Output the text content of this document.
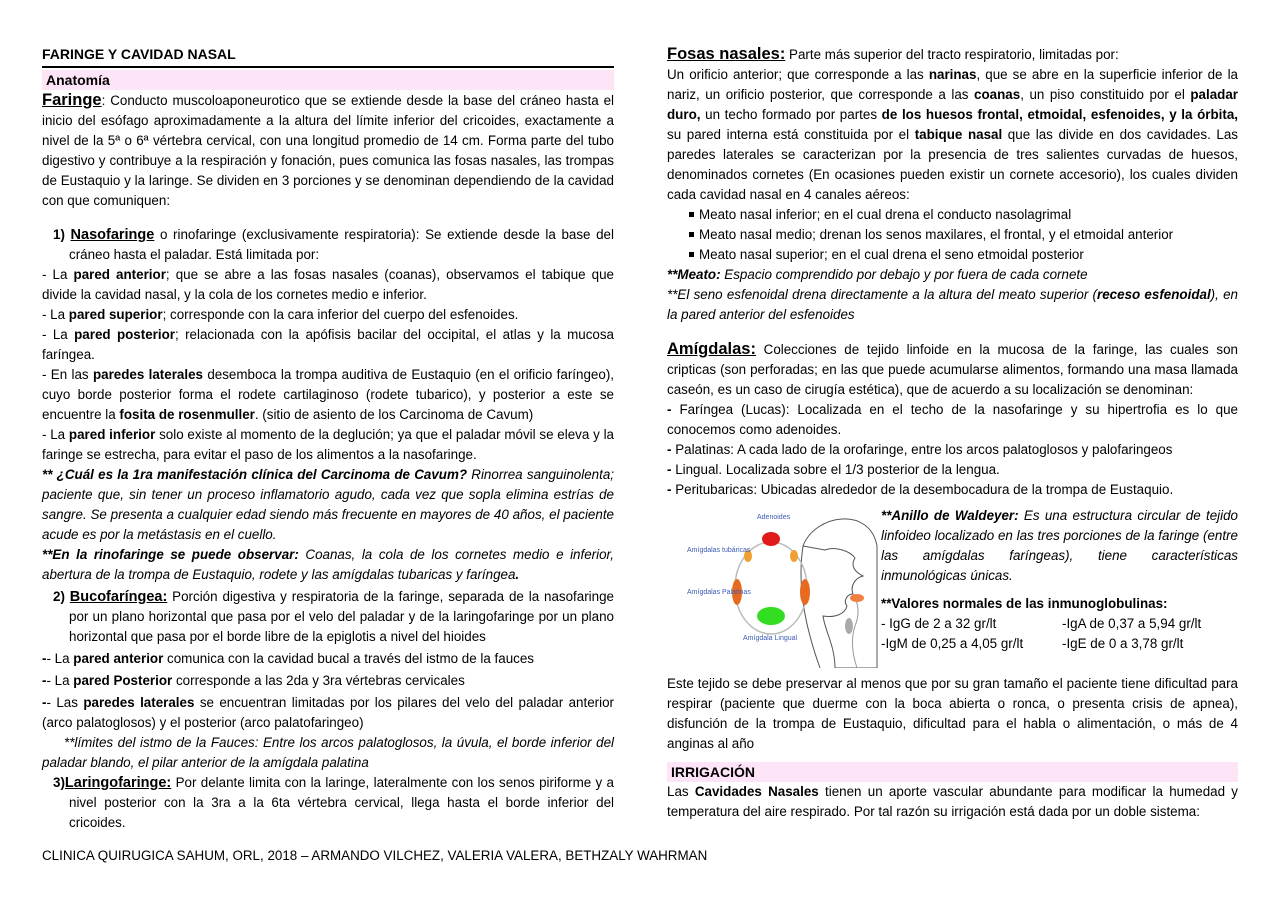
FARINGE Y CAVIDAD NASAL
Anatomía

Faringe: Conducto muscoloaponeurotico que se extiende desde la base del cráneo hasta el inicio del esófago aproximadamente a la altura del límite inferior del cricoides, exactamente a nivel de la 5ª o 6ª vértebra cervical, con una longitud promedio de 14 cm. Forma parte del tubo digestivo y contribuye a la respiración y fonación, pues comunica las fosas nasales, las trompas de Eustaquio y la laringe. Se dividen en 3 porciones y se denominan dependiendo de la cavidad con que comuniquen:

1) Nasofaringe o rinofaringe (exclusivamente respiratoria): Se extiende desde la base del cráneo hasta el paladar. Está limitada por:

- La pared anterior; que se abre a las fosas nasales (coanas), observamos el tabique que divide la cavidad nasal, y la cola de los cornetes medio e inferior.

- La pared superior; corresponde con la cara inferior del cuerpo del esfenoides.

- La pared posterior; relacionada con la apófisis bacilar del occipital, el atlas y la mucosa faríngea.

- En las paredes laterales desemboca la trompa auditiva de Eustaquio (en el orificio faríngeo), cuyo borde posterior forma el rodete cartilaginoso (rodete tubarico), y posterior a este se encuentre la fosita de rosenmuller. (sitio de asiento de los Carcinoma de Cavum)

- La pared inferior solo existe al momento de la deglución; ya que el paladar móvil se eleva y la faringe se estrecha, para evitar el paso de los alimentos a la nasofaringe.

** ¿Cuál es la 1ra manifestación clínica del Carcinoma de Cavum? Rinorrea sanguinolenta; paciente que, sin tener un proceso inflamatorio agudo, cada vez que sopla elimina estrías de sangre. Se presenta a cualquier edad siendo más frecuente en mayores de 40 años, el paciente acude es por la metástasis en el cuello.

**En la rinofaringe se puede observar: Coanas, la cola de los cornetes medio e inferior, abertura de la trompa de Eustaquio, rodete y las amígdalas tubaricas y faríngea.

2) Bucofaríngea: Porción digestiva y respiratoria de la faringe, separada de la nasofaringe por un plano horizontal que pasa por el velo del paladar y de la laringofaringe por un plano horizontal que pasa por el borde libre de la epiglotis a nivel del hioides

-- La pared anterior comunica con la cavidad bucal a través del istmo de la fauces

-- La pared Posterior corresponde a las 2da y 3ra vértebras cervicales

-- Las paredes laterales se encuentran limitadas por los pilares del velo del paladar anterior (arco palatoglosos) y el posterior (arco palatofaringeo)

**límites del istmo de la Fauces: Entre los arcos palatoglosos, la úvula, el borde inferior del paladar blando, el pilar anterior de la amígdala palatina

3)Laringofaringe: Por delante limita con la laringe, lateralmente con los senos piriforme y a nivel posterior con la 3ra a la 6ta vértebra cervical, llega hasta el borde inferior del cricoides.

Fosas nasales: Parte más superior del tracto respiratorio, limitadas por:

Un orificio anterior; que corresponde a las narinas, que se abre en la superficie inferior de la nariz, un orificio posterior, que corresponde a las coanas, un piso constituido por el paladar duro, un techo formado por partes de los huesos frontal, etmoidal, esfenoides, y la órbita, su pared interna está constituida por el tabique nasal que las divide en dos cavidades. Las paredes laterales se caracterizan por la presencia de tres salientes curvadas de huesos, denominados cornetes (En ocasiones pueden existir un cornete accesorio), los cuales dividen cada cavidad nasal en 4 canales aéreos:

Meato nasal inferior; en el cual drena el conducto nasolagrimal
Meato nasal medio; drenan los senos maxilares, el frontal, y el etmoidal anterior
Meato nasal superior; en el cual drena el seno etmoidal posterior

**Meato: Espacio comprendido por debajo y por fuera de cada cornete

**El seno esfenoidal drena directamente a la altura del meato superior (receso esfenoidal), en la pared anterior del esfenoides

Amígdalas: Colecciones de tejido linfoide en la mucosa de la faringe, las cuales son cripticas (son perforadas; en las que puede acumularse alimentos, formando una masa llamada caseón, es un caso de cirugía estética), que de acuerdo a su localización se denominan:

- Faríngea (Lucas): Localizada en el techo de la nasofaringe y su hipertrofia es lo que conocemos como adenoides.

- Palatinas: A cada lado de la orofaringe, entre los arcos palatoglosos y palofaringeos

- Lingual. Localizada sobre el 1/3 posterior de la lengua.

- Peritubaricas: Ubicadas alrededor de la desembocadura de la trompa de Eustaquio.

Adenoides
Amígdalas tubáricas
Amígdalas Palatinas
Amígdala Lingual

**Anillo de Waldeyer: Es una estructura circular de tejido linfoideo localizado en las tres porciones de la faringe (entre las amígdalas faríngeas), tiene características inmunológicas únicas.

**Valores normales de las inmunoglobulinas:

- IgG de 2 a 32 gr/lt	-IgA de 0,37 a 5,94 gr/lt
-IgM de 0,25 a 4,05 gr/lt	-IgE de 0 a 3,78 gr/lt

Este tejido se debe preservar al menos que por su gran tamaño el paciente tiene dificultad para respirar (paciente que duerme con la boca abierta o ronca, o presenta crisis de apnea), disfunción de la trompa de Eustaquio, dificultad para el habla o alimentación, o más de 4 anginas al año

IRRIGACIÓN

Las Cavidades Nasales tienen un aporte vascular abundante para modificar la humedad y temperatura del aire respirado. Por tal razón su irrigación está dada por un doble sistema:

CLINICA QUIRUGICA SAHUM, ORL, 2018 – ARMANDO VILCHEZ, VALERIA VALERA, BETHZALY WAHRMAN
